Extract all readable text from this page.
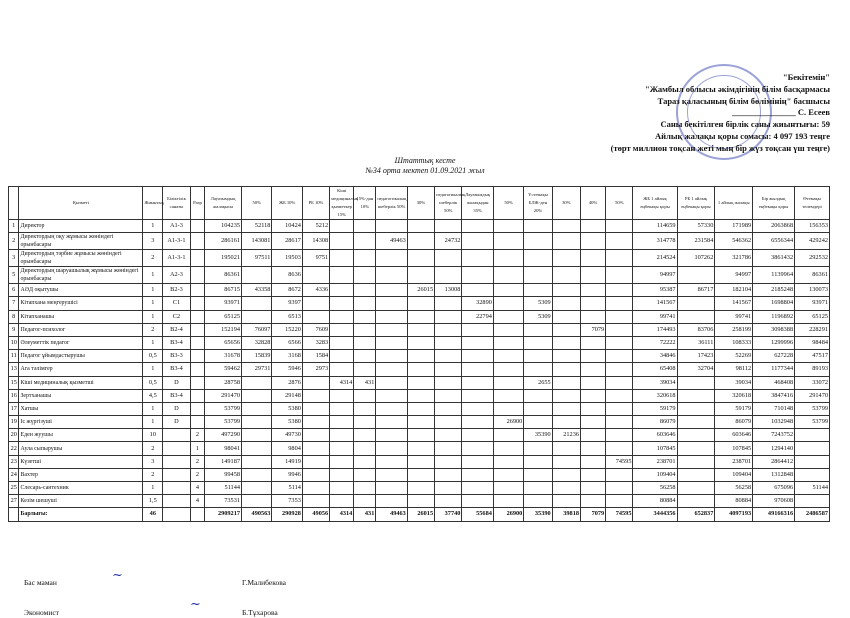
"Бекітемін"
"Жамбыл облысы әкімдігінің білім басқармасы
Тараз қаласының білім бөлімінің" басшысы
_______________ С. Есеев
Саны бекітілген бірлік саны жиынтығы: 59
Айлық жалақы қоры сомасы: 4 097 193 теңге
(төрт миллион тоқсан жеті мың бір жүз тоқсан үш теңге)
Штаттық кесте
№34 орта мектеп 01.09.2021 жыл
	Қызметі	Жиынтық	Біліктілік санаты	Разр	Лауазымдық жалақысы	50%	ЖБ 10%	РБ 10%	Кіші медициналық қызметкер 15%	15%-дан 10%	педагогикалық шеберлік 50%	30%	педагогикалық шеберлік 50%	Лауазымдық жалақыдан 35%	50%	Үстемақы БЛЖ-ден 20%	30%	40%	50%	ЖБ 1 айлық еңбекақы қоры	РБ 1 айлық еңбекақы қоры	1 айлық жалақы	Бір жылдық еңбекақы қоры	Өтемақы төлемдері
1	Директор	1	А1-3		104235	52118	10424	5212												114659	57330	171989	2063868	156353
2	Директордың оқу жұмысы жөніндегі орынбасары	3	А1-3-1		286161	143081	28617	14308			49463		24732							314778	231584	546362	6556344	429242
3	Директордың тәрбие жұмысы жөніндегі орынбасары	2	А1-3-1		195021	97511	19503	9751												214524	107262	321786	3861432	292532
5	Директордың шаруашылық жұмысы жөніндегі орынбасары	1	А2-3		86361		8636													94997		94997	1139964	86361
6	АӘД оқытушы	1	В2-3		86715	43358	8672	4336				26015	13008							95387	86717	182104	2185248	130073
7	Кітапхана меңгерушісі	1	С1		93971		9397							32890		5309				141567		141567	1698804	93971
8	Кітапханашы	1	С2		65125		6513							22794		5309				99741		99741	1196892	65125
9	Педагог-психолог	2	В2-4		152194	76097	15220	7609										7079		174493	83706	258199	3098388	228291
10	Әлеуметтік педагог	1	В3-4		65656	32828	6566	3283												72222	36111	108333	1299996	98484
11	Педагог ұйымдастырушы	0,5	В3-3		31678	15839	3168	1584												34846	17423	52269	627228	47517
13	Ага тәлімгер	1	В3-4		59462	29731	5946	2973												65408	32704	98112	1177344	89193
15	Кіші медициналық қызметші	0,5	D		28758		2876		4314	431						2655				39034		39034	468408	33072
16	Зертханашы	4,5	В3-4		291470		29148													320618		320618	3847416	291470
17	Хатшы	1	D		53799		5380													59179		59179	710148	53799
19	Іс жүргізуші	1	D		53799		5380								26900					86079		86079	1032948	53799
20	Еден жуушы	10		2	497290		49730									35390	21236			603646		603646	7243752	
22	Аула сыпырушы	2		1	98041		9804													107845		107845	1294140	
23	Күзетші	3		2	149187		14919												74595	238701		238701	2864412	
24	Вахтер	2		2	99458		9946													109404		109404	1312848	
25	Слесарь-сантехник	1		4	51144		5114													56258		56258	675096	51144
27	Кезім шешуші	1,5		4	73531		7353													80884		80884	970608	
	Барлығы:	46			2909217	490563	290928	49056	4314	431	49463	26015	37740	55684	26900	35390	39818	7079	74595	3444356	652837	4097193	49166316	2486587
Бас маман	~	Г.Малибекова
Экономист
~
Б.Тұхарова
